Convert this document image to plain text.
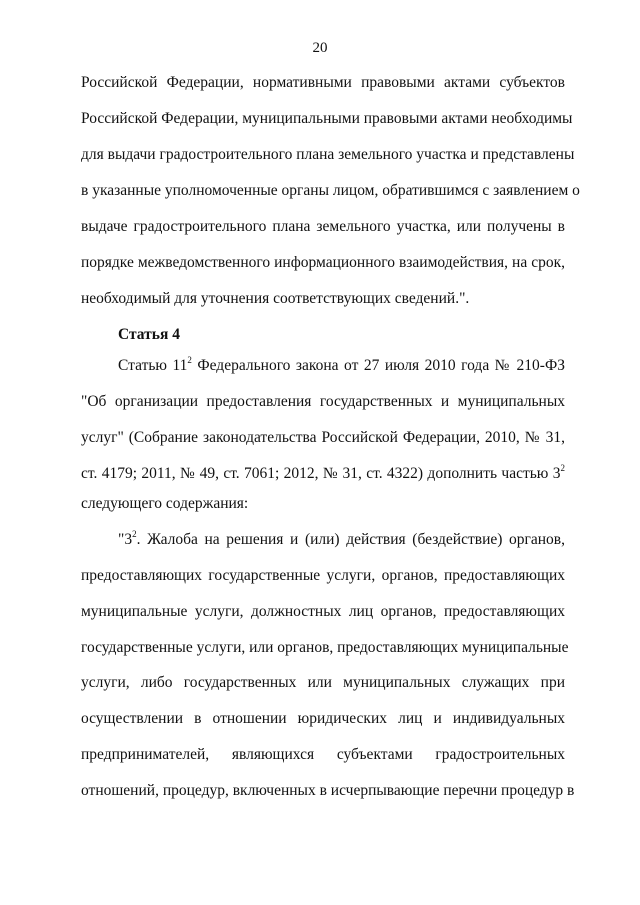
20
Российской Федерации, нормативными правовыми актами субъектов
Российской Федерации, муниципальными правовыми актами необходимы
для выдачи градостроительного плана земельного участка и представлены
в указанные уполномоченные органы лицом, обратившимся с заявлением о
выдаче градостроительного плана земельного участка, или получены в
порядке межведомственного информационного взаимодействия, на срок,
необходимый для уточнения соответствующих сведений.".
Статья 4
Статью $11^2$ Федерального закона от 27 июля 2010 года № 210-ФЗ
"Об организации предоставления государственных и муниципальных
услуг" (Собрание законодательства Российской Федерации, 2010, № 31,
ст. 4179; 2011, № 49, ст. 7061; 2012, № 31, ст. 4322) дополнить частью $3^2$
следующего содержания:
"$3^2$. Жалоба на решения и (или) действия (бездействие) органов,
предоставляющих государственные услуги, органов, предоставляющих
муниципальные услуги, должностных лиц органов, предоставляющих
государственные услуги, или органов, предоставляющих муниципальные
услуги, либо государственных или муниципальных служащих при
осуществлении в отношении юридических лиц и индивидуальных
предпринимателей, являющихся субъектами градостроительных
отношений, процедур, включенных в исчерпывающие перечни процедур в
